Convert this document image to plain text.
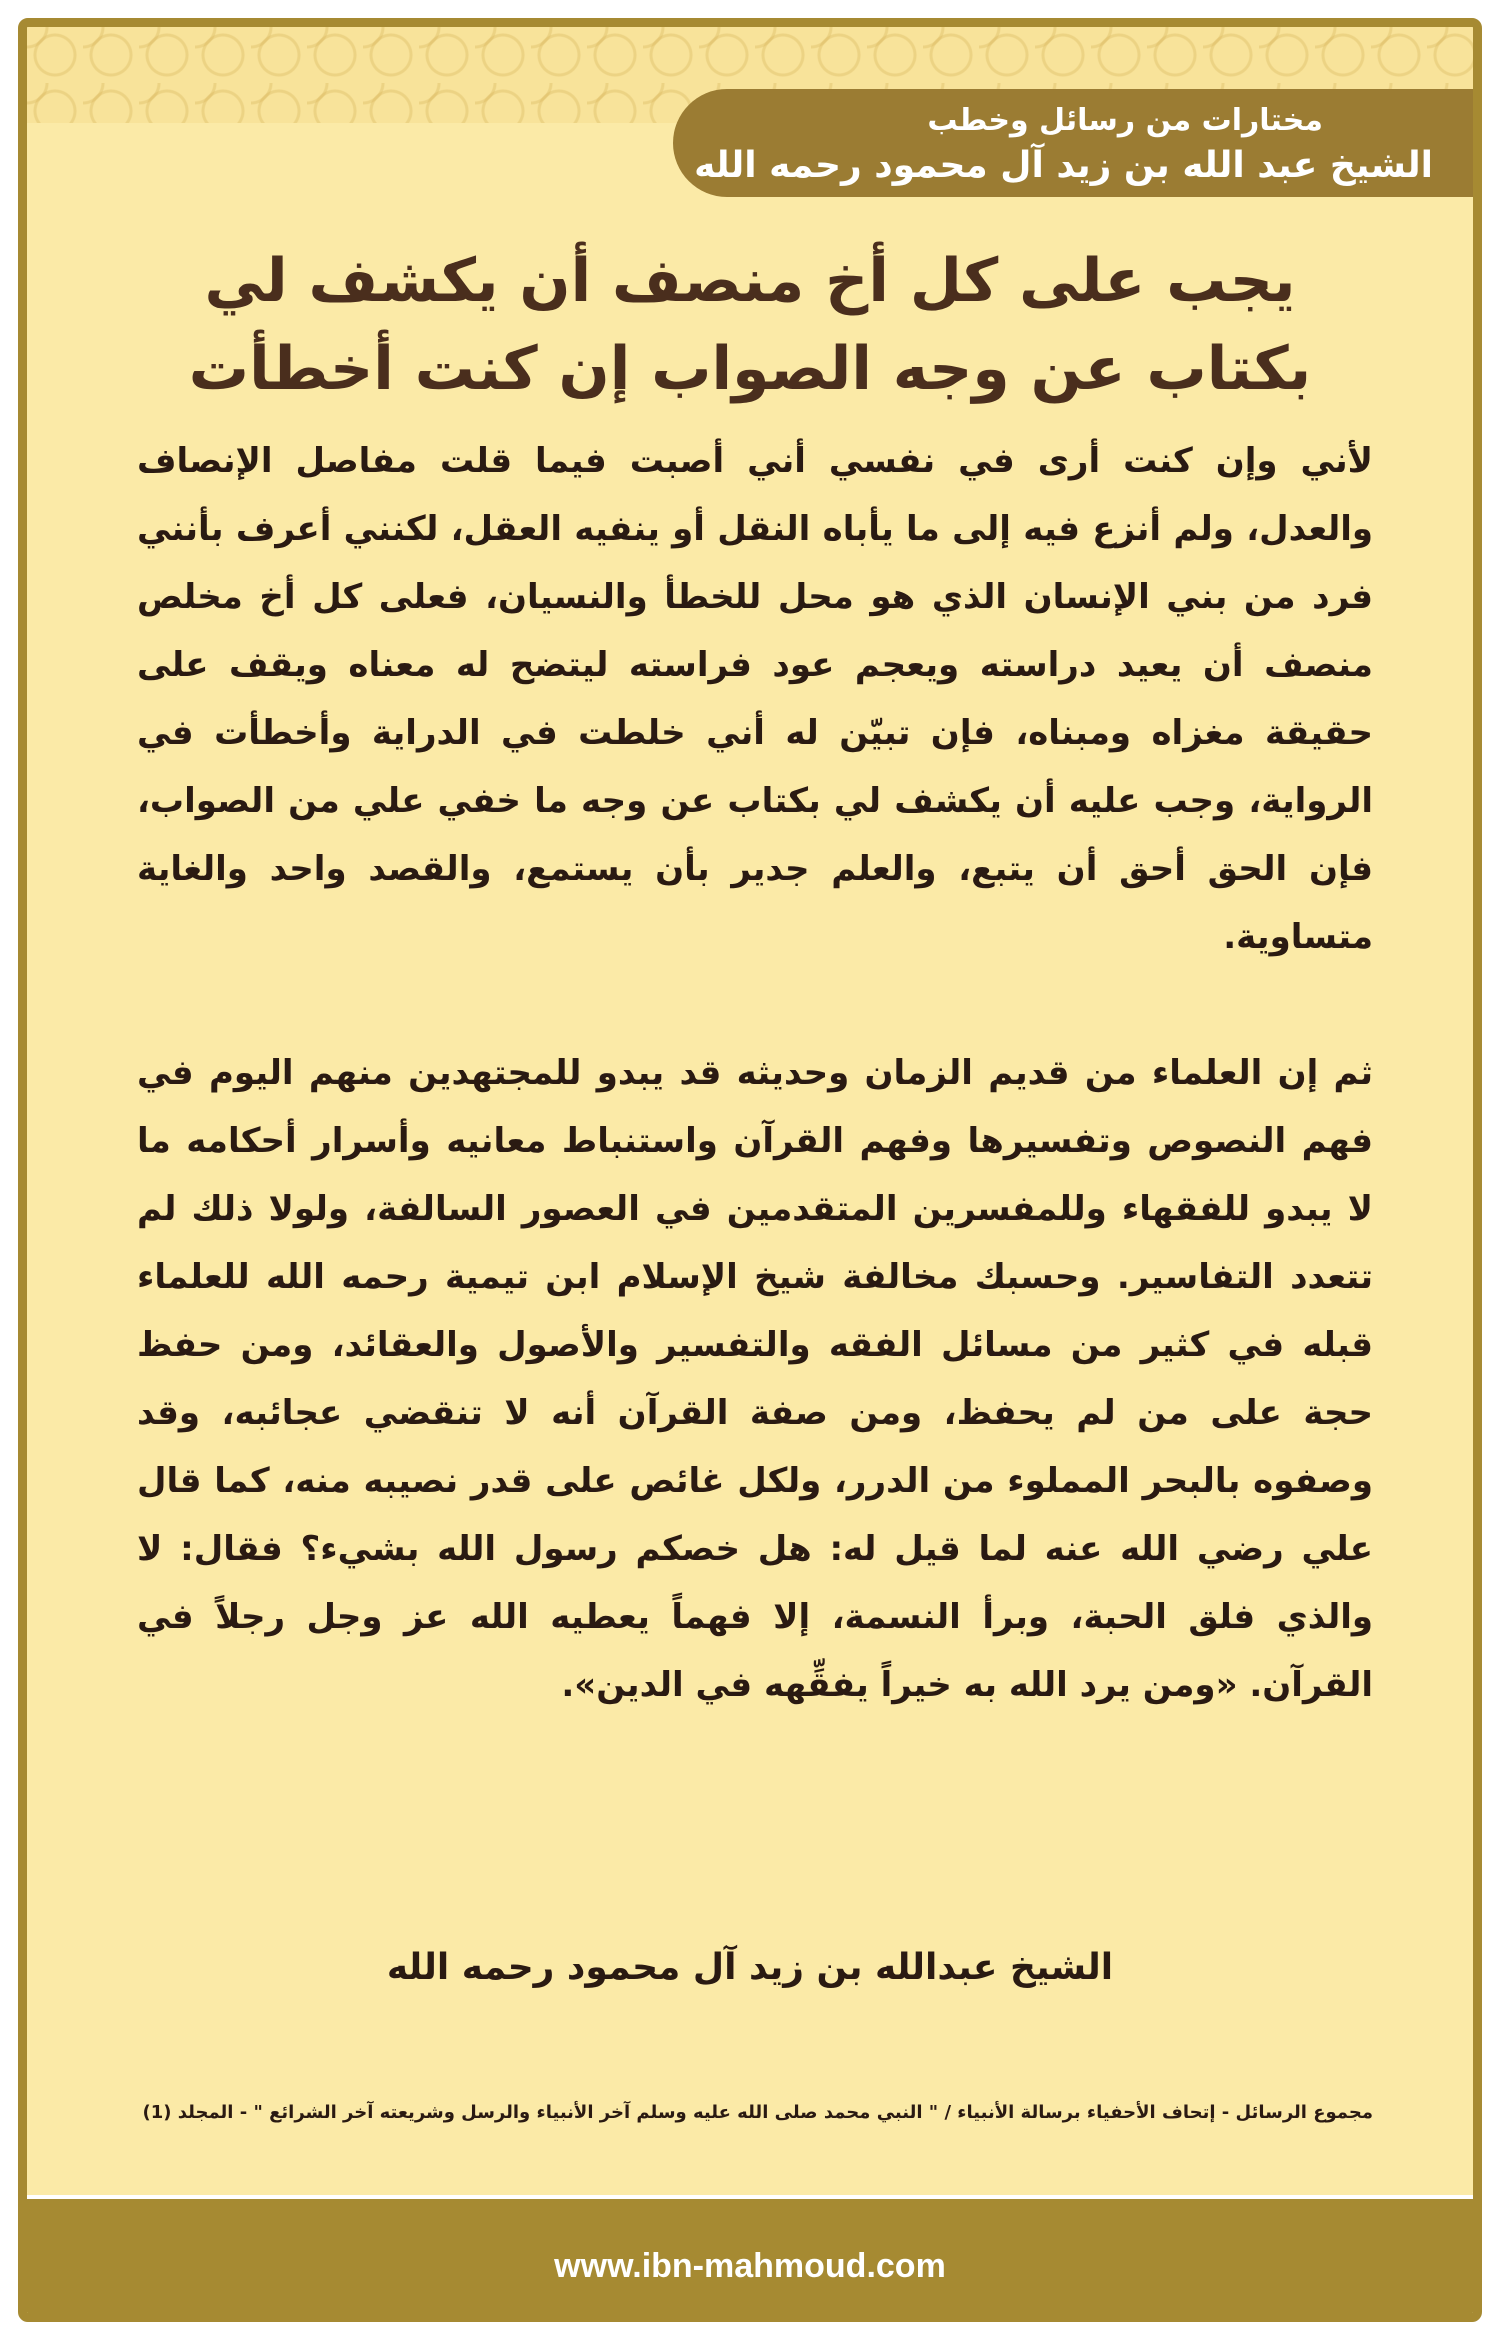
مختارات من رسائل وخطب
الشيخ عبد الله بن زيد آل محمود رحمه الله
يجب على كل أخ منصف أن يكشف لي
بكتاب عن وجه الصواب إن كنت أخطأت

لأني وإن كنت أرى في نفسي أني أصبت فيما قلت مفاصل الإنصاف والعدل، ولم أنزع فيه إلى ما يأباه النقل أو ينفيه العقل، لكنني أعرف بأنني فرد من بني الإنسان الذي هو محل للخطأ والنسيان، فعلى كل أخ مخلص منصف أن يعيد دراسته ويعجم عود فراسته ليتضح له معناه ويقف على حقيقة مغزاه ومبناه، فإن تبيّن له أني خلطت في الدراية وأخطأت في الرواية، وجب عليه أن يكشف لي بكتاب عن وجه ما خفي علي من الصواب، فإن الحق أحق أن يتبع، والعلم جدير بأن يستمع، والقصد واحد والغاية متساوية.

ثم إن العلماء من قديم الزمان وحديثه قد يبدو للمجتهدين منهم اليوم في فهم النصوص وتفسيرها وفهم القرآن واستنباط معانيه وأسرار أحكامه ما لا يبدو للفقهاء وللمفسرين المتقدمين في العصور السالفة، ولولا ذلك لم تتعدد التفاسير. وحسبك مخالفة شيخ الإسلام ابن تيمية رحمه الله للعلماء قبله في كثير من مسائل الفقه والتفسير والأصول والعقائد، ومن حفظ حجة على من لم يحفظ، ومن صفة القرآن أنه لا تنقضي عجائبه، وقد وصفوه بالبحر المملوء من الدرر، ولكل غائص على قدر نصيبه منه، كما قال علي رضي الله عنه لما قيل له: هل خصكم رسول الله بشيء؟ فقال: لا والذي فلق الحبة، وبرأ النسمة، إلا فهماً يعطيه الله عز وجل رجلاً في القرآن. «ومن يرد الله به خيراً يفقِّهه في الدين».

الشيخ عبدالله بن زيد آل محمود رحمه الله
مجموع الرسائل - إتحاف الأحفياء برسالة الأنبياء / " النبي محمد صلى الله عليه وسلم آخر الأنبياء والرسل وشريعته آخر الشرائع " - المجلد (1)
www.ibn-mahmoud.com
